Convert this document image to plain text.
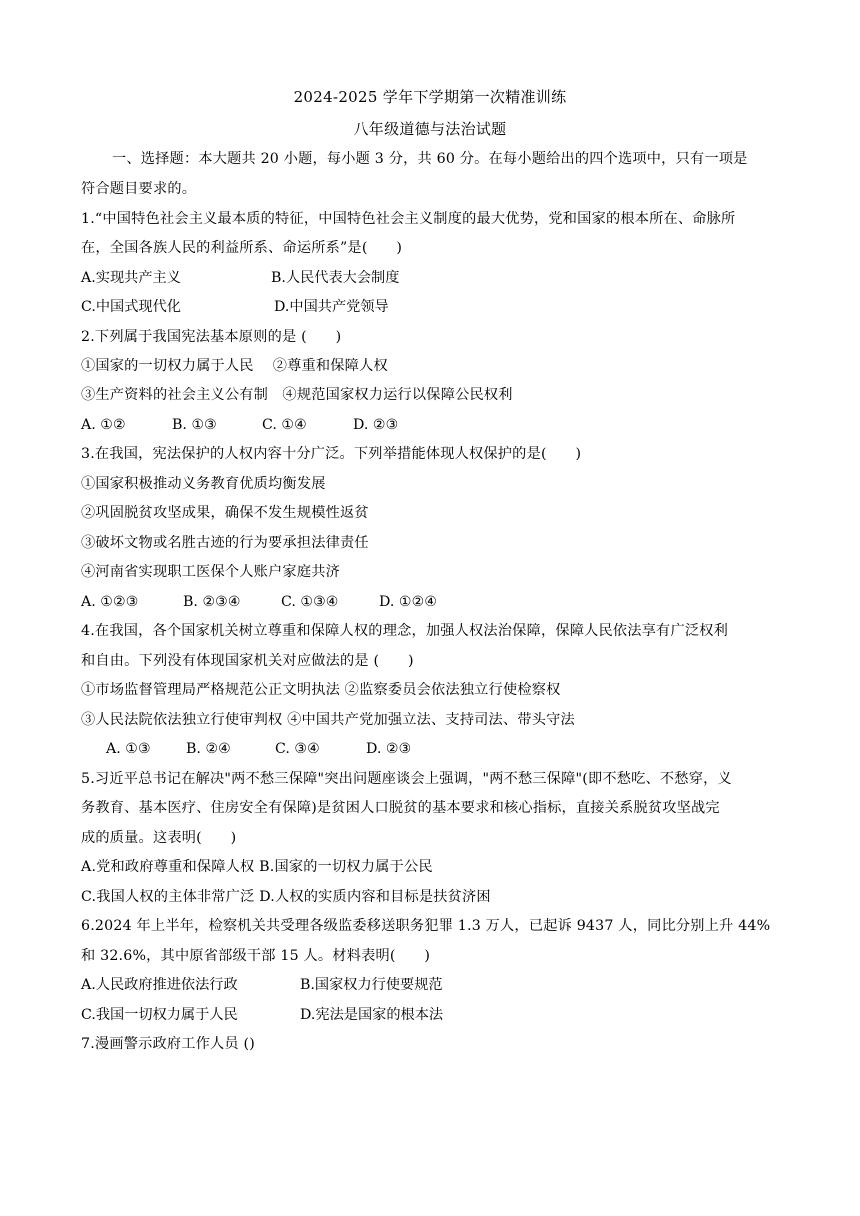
2024-2025 学年下学期第一次精准训练
八年级道德与法治试题
一、选择题：本大题共 20 小题，每小题 3 分，共 60 分。在每小题给出的四个选项中，只有一项是
符合题目要求的。
1.“中国特色社会主义最本质的特征，中国特色社会主义制度的最大优势，党和国家的根本所在、命脉所
在，全国各族人民的利益所系、命运所系”是(　　)
A.实现共产主义	B.人民代表大会制度
C.中国式现代化	D.中国共产党领导
2.下列属于我国宪法基本原则的是 (　　)
①国家的一切权力属于人民　 ②尊重和保障人权
③生产资料的社会主义公有制　④规范国家权力运行以保障公民权利
A. ①②	B. ①③	C. ①④	D. ②③
3.在我国，宪法保护的人权内容十分广泛。下列举措能体现人权保护的是(　　)
①国家积极推动义务教育优质均衡发展
②巩固脱贫攻坚成果，确保不发生规模性返贫
③破坏文物或名胜古迹的行为要承担法律责任
④河南省实现职工医保个人账户家庭共济
A. ①②③	B. ②③④	C. ①③④	D. ①②④
4.在我国，各个国家机关树立尊重和保障人权的理念，加强人权法治保障，保障人民依法享有广泛权利
和自由。下列没有体现国家机关对应做法的是 (　　)
①市场监督管理局严格规范公正文明执法 ②监察委员会依法独立行使检察权
③人民法院依法独立行使审判权 ④中国共产党加强立法、支持司法、带头守法
A. ①③ B. ②④	C. ③④	D. ②③
5.习近平总书记在解决"两不愁三保障"突出问题座谈会上强调，"两不愁三保障"(即不愁吃、不愁穿，义
务教育、基本医疗、住房安全有保障)是贫困人口脱贫的基本要求和核心指标，直接关系脱贫攻坚战完
成的质量。这表明(　　)
A.党和政府尊重和保障人权 B.国家的一切权力属于公民
C.我国人权的主体非常广泛 D.人权的实质内容和目标是扶贫济困
6.2024 年上半年，检察机关共受理各级监委移送职务犯罪 1.3 万人，已起诉 9437 人，同比分别上升 44%
和 32.6%，其中原省部级干部 15 人。材料表明(　　)
A.人民政府推进依法行政	B.国家权力行使要规范
C.我国一切权力属于人民	D.宪法是国家的根本法
7.漫画警示政府工作人员 ()
